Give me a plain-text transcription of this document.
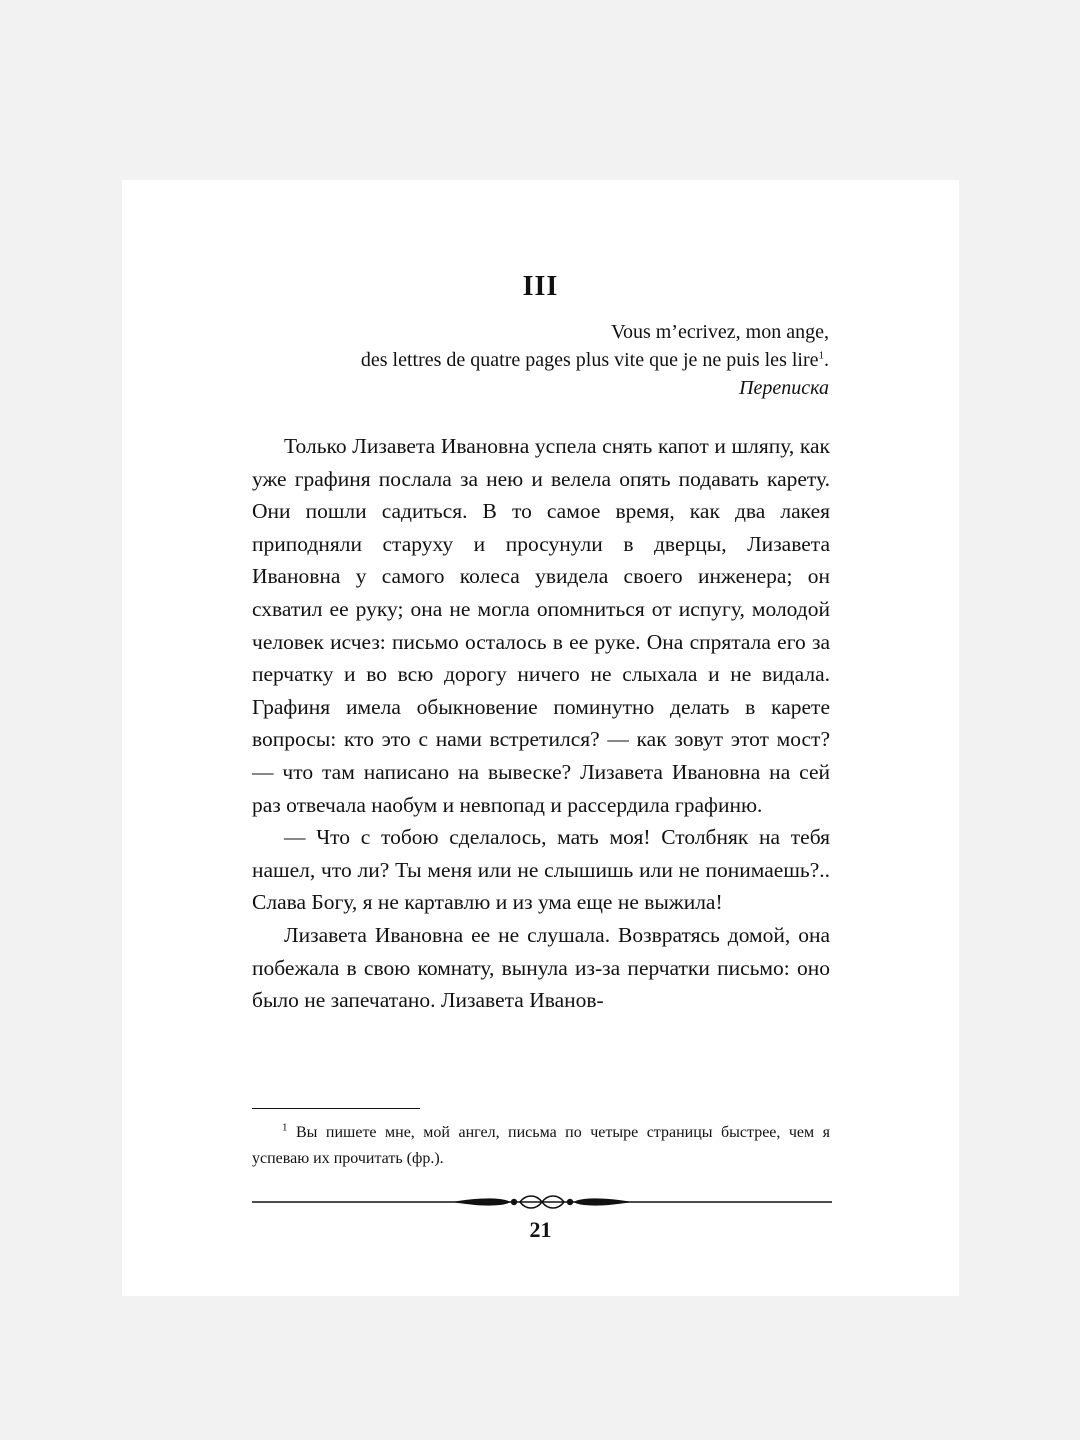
III
Vous m’ecrivez, mon ange,
des lettres de quatre pages plus vite que je ne puis les lire$^1$.
Переписка

Только Лизавета Ивановна успела снять капот и шляпу, как уже графиня послала за нею и велела опять подавать карету. Они пошли садиться. В то самое время, как два лакея приподняли старуху и просунули в дверцы, Лизавета Ивановна у самого колеса увидела своего инженера; он схватил ее руку; она не могла опомниться от испугу, молодой человек исчез: письмо осталось в ее руке. Она спрятала его за перчатку и во всю дорогу ничего не слыхала и не видала. Графиня имела обыкновение поминутно делать в карете вопросы: кто это с нами встретился? — как зовут этот мост? — что там написано на вывеске? Лизавета Ивановна на сей раз отвечала наобум и невпопад и рассердила графиню.

— Что с тобою сделалось, мать моя! Столбняк на тебя нашел, что ли? Ты меня или не слышишь или не понимаешь?.. Слава Богу, я не картавлю и из ума еще не выжила!

Лизавета Ивановна ее не слушала. Возвратясь домой, она побежала в свою комнату, вынула из-за перчатки письмо: оно было не запечатано. Лизавета Иванов-

$^1$ Вы пишете мне, мой ангел, письма по четыре страницы быстрее, чем я успеваю их прочитать (фр.).
21
